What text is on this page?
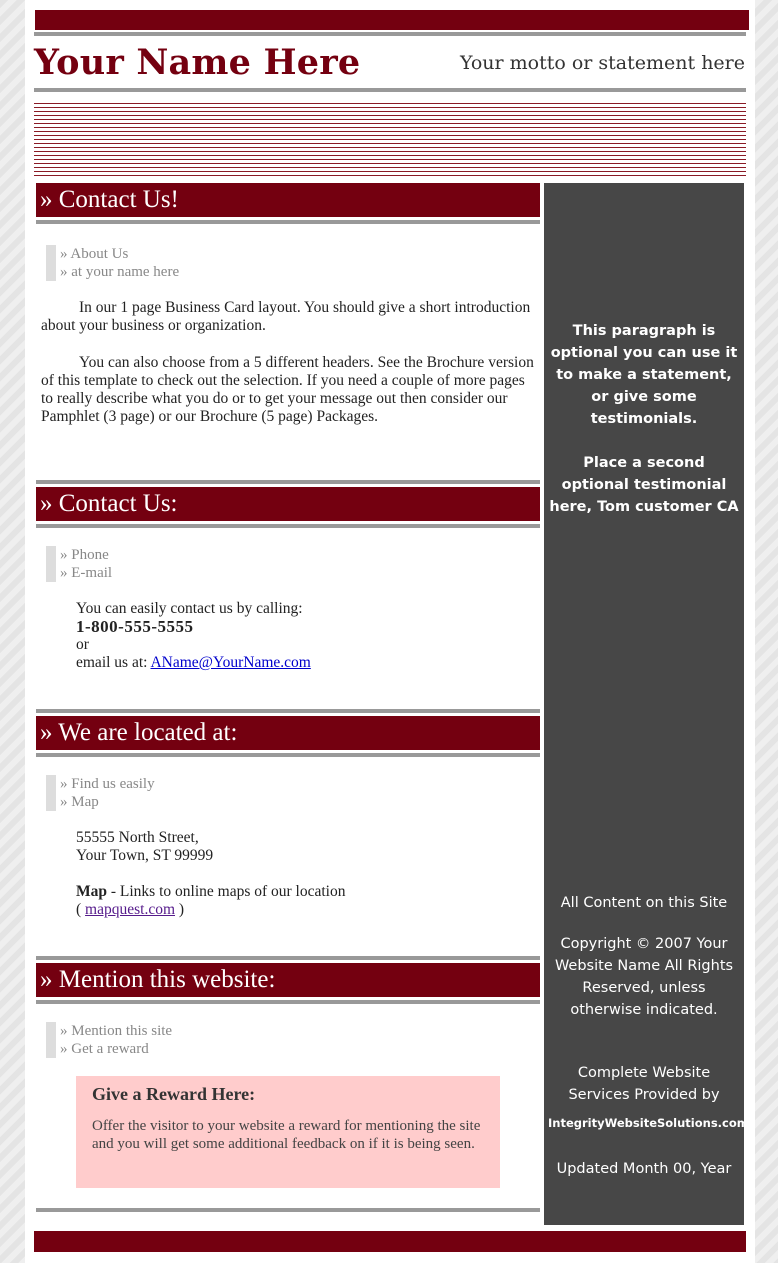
Your Name Here	Your motto or statement here
» Contact Us!
» About Us
» at your name here

In our 1 page Business Card layout. You should give a short introduction about your business or organization.

You can also choose from a 5 different headers. See the Brochure version of this template to check out the selection. If you need a couple of more pages to really describe what you do or to get your message out then consider our Pamphlet (3 page) or our Brochure (5 page) Packages.

» Contact Us:
» Phone
» E-mail
You can easily contact us by calling:
1-800-555-5555
or
email us at: AName@YourName.com
» We are located at:
» Find us easily
» Map
55555 North Street,
Your Town, ST 99999
Map - Links to online maps of our location
( mapquest.com )
» Mention this website:
» Mention this site
» Get a reward
Give a Reward Here:

Offer the visitor to your website a reward for mentioning the site and you will get some additional feedback on if it is being seen.

This paragraph is optional you can use it to make a statement, or give some testimonials.
Place a second optional testimonial here, Tom customer CA
All Content on this Site
Copyright © 2007 Your Website Name All Rights Reserved, unless otherwise indicated.
Complete Website Services Provided by
IntegrityWebsiteSolutions.com
Updated Month 00, Year
